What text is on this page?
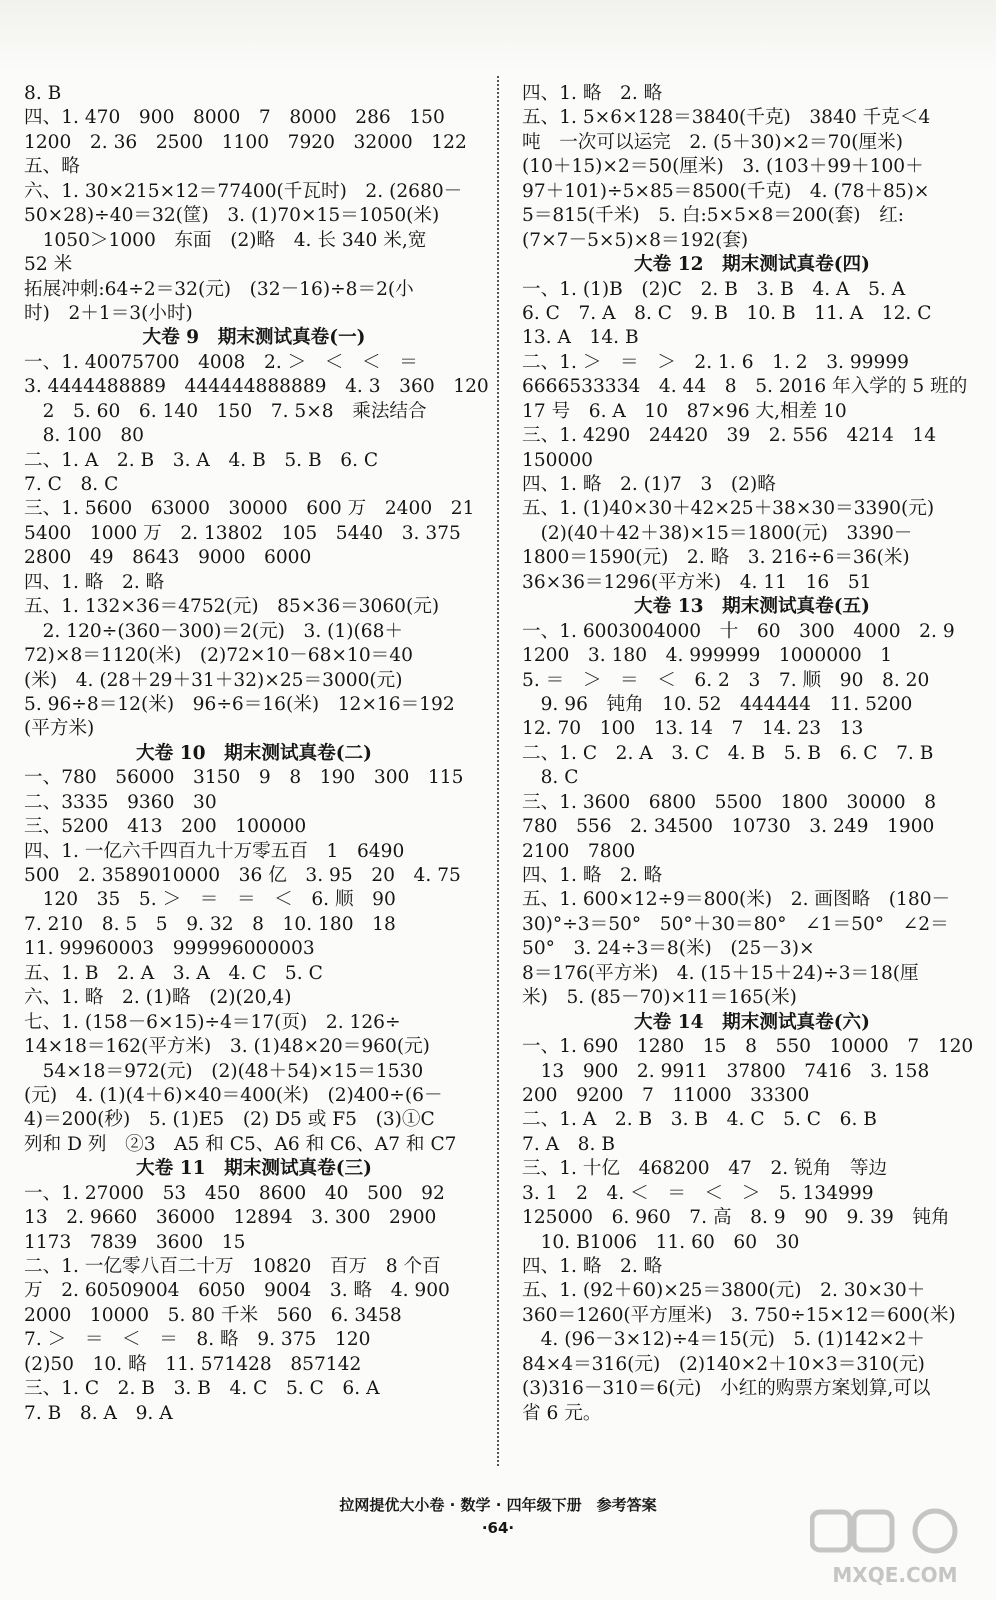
8. B
四、1. 470　900　8000　7　8000　286　150
1200　2. 36　2500　1100　7920　32000　122
五、略
六、1. 30×215×12＝77400(千瓦时)　2. (2680－
50×28)÷40＝32(筐)　3. (1)70×15＝1050(米)
　1050＞1000　东面　(2)略　4. 长 340 米,宽
52 米
拓展冲刺:64÷2＝32(元)　(32－16)÷8＝2(小
时)　2＋1＝3(小时)
大卷 9　期末测试真卷(一)
一、1. 40075700　4008　2. ＞　＜　＜　＝
3. 4444488889　444444888889　4. 3　360　120
　2　5. 60　6. 140　150　7. 5×8　乘法结合
　8. 100　80
二、1. A　2. B　3. A　4. B　5. B　6. C
7. C　8. C
三、1. 5600　63000　30000　600 万　2400　21
5400　1000 万　2. 13802　105　5440　3. 375
2800　49　8643　9000　6000
四、1. 略　2. 略
五、1. 132×36＝4752(元)　85×36＝3060(元)
　2. 120÷(360－300)＝2(元)　3. (1)(68＋
72)×8＝1120(米)　(2)72×10－68×10＝40
(米)　4. (28＋29＋31＋32)×25＝3000(元)
5. 96÷8＝12(米)　96÷6＝16(米)　12×16＝192
(平方米)
大卷 10　期末测试真卷(二)
一、780　56000　3150　9　8　190　300　115
二、3335　9360　30
三、5200　413　200　100000
四、1. 一亿六千四百九十万零五百　1　6490
500　2. 3589010000　36 亿　3. 95　20　4. 75
　120　35　5. ＞　＝　＝　＜　6. 顺　90
7. 210　8. 5　5　9. 32　8　10. 180　18
11. 99960003　999996000003
五、1. B　2. A　3. A　4. C　5. C
六、1. 略　2. (1)略　(2)(20,4)
七、1. (158－6×15)÷4＝17(页)　2. 126÷
14×18＝162(平方米)　3. (1)48×20＝960(元)
　54×18＝972(元)　(2)(48＋54)×15＝1530
(元)　4. (1)(4＋6)×40＝400(米)　(2)400÷(6－
4)＝200(秒)　5. (1)E5　(2) D5 或 F5　(3)①C
列和 D 列　②3　A5 和 C5、A6 和 C6、A7 和 C7
大卷 11　期末测试真卷(三)
一、1. 27000　53　450　8600　40　500　92
13　2. 9660　36000　12894　3. 300　2900
1173　7839　3600　15
二、1. 一亿零八百二十万　10820　百万　8 个百
万　2. 60509004　6050　9004　3. 略　4. 900
2000　10000　5. 80 千米　560　6. 3458
7. ＞　＝　＜　＝　8. 略　9. 375　120
(2)50　10. 略　11. 571428　857142
三、1. C　2. B　3. B　4. C　5. C　6. A
7. B　8. A　9. A
四、1. 略　2. 略
五、1. 5×6×128＝3840(千克)　3840 千克＜4
吨　一次可以运完　2. (5＋30)×2＝70(厘米)
(10＋15)×2＝50(厘米)　3. (103＋99＋100＋
97＋101)÷5×85＝8500(千克)　4. (78＋85)×
5＝815(千米)　5. 白:5×5×8＝200(套)　红:
(7×7－5×5)×8＝192(套)
大卷 12　期末测试真卷(四)
一、1. (1)B　(2)C　2. B　3. B　4. A　5. A
6. C　7. A　8. C　9. B　10. B　11. A　12. C
13. A　14. B
二、1. ＞　＝　＞　2. 1. 6　1. 2　3. 99999
6666533334　4. 44　8　5. 2016 年入学的 5 班的
17 号　6. A　10　87×96 大,相差 10
三、1. 4290　24420　39　2. 556　4214　14
150000
四、1. 略　2. (1)7　3　(2)略
五、1. (1)40×30＋42×25＋38×30＝3390(元)
　(2)(40＋42＋38)×15＝1800(元)　3390－
1800＝1590(元)　2. 略　3. 216÷6＝36(米)
36×36＝1296(平方米)　4. 11　16　51
大卷 13　期末测试真卷(五)
一、1. 6003004000　十　60　300　4000　2. 9
1200　3. 180　4. 999999　1000000　1
5. ＝　＞　＝　＜　6. 2　3　7. 顺　90　8. 20
　9. 96　钝角　10. 52　444444　11. 5200
12. 70　100　13. 14　7　14. 23　13
二、1. C　2. A　3. C　4. B　5. B　6. C　7. B
　8. C
三、1. 3600　6800　5500　1800　30000　8
780　556　2. 34500　10730　3. 249　1900
2100　7800
四、1. 略　2. 略
五、1. 600×12÷9＝800(米)　2. 画图略　(180－
30)°÷3＝50°　50°＋30＝80°　∠1＝50°　∠2＝
50°　3. 24÷3＝8(米)　(25－3)×
8＝176(平方米)　4. (15＋15＋24)÷3＝18(厘
米)　5. (85－70)×11＝165(米)
大卷 14　期末测试真卷(六)
一、1. 690　1280　15　8　550　10000　7　120
　13　900　2. 9911　37800　7416　3. 158
200　9200　7　11000　33300
二、1. A　2. B　3. B　4. C　5. C　6. B
7. A　8. B
三、1. 十亿　468200　47　2. 锐角　等边
3. 1　2　4. ＜　＝　＜　＞　5. 134999
125000　6. 960　7. 高　8. 9　90　9. 39　钝角
　10. B1006　11. 60　60　30
四、1. 略　2. 略
五、1. (92＋60)×25＝3800(元)　2. 30×30＋
360＝1260(平方厘米)　3. 750÷15×12＝600(米)
　4. (96－3×12)÷4＝15(元)　5. (1)142×2＋
84×4＝316(元)　(2)140×2＋10×3＝310(元)
(3)316－310＝6(元)　小红的购票方案划算,可以
省 6 元。
拉网提优大小卷 · 数学 · 四年级下册　参考答案
·64·
MXQE.COM
